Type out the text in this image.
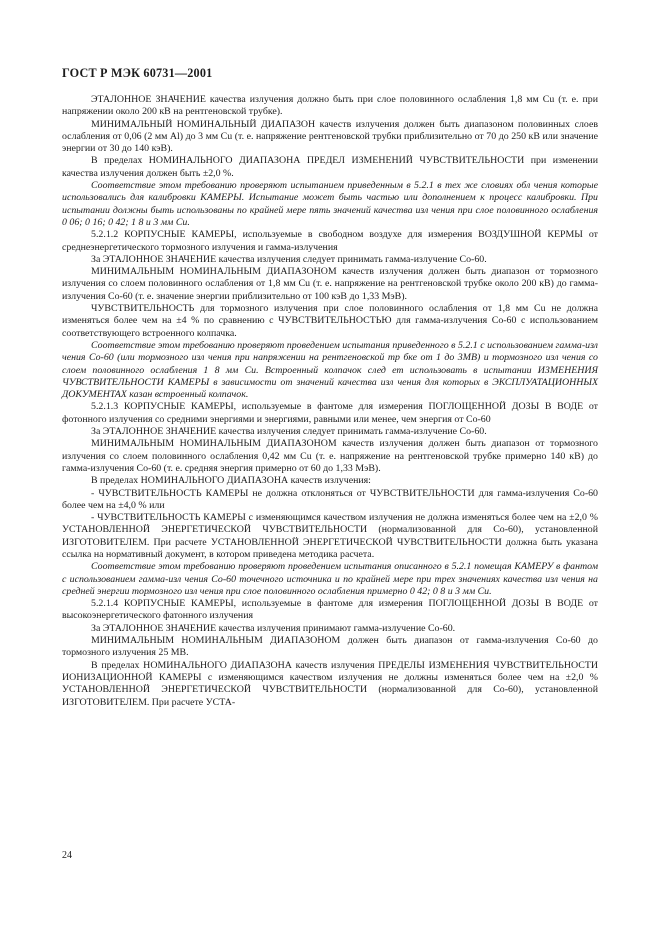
ГОСТ Р МЭК 60731—2001

ЭТАЛОННОЕ ЗНАЧЕНИЕ качества излучения должно быть при слое половинного ослабления 1,8 мм Cu (т. е. при напряжении около 200 кВ на рентгеновской трубке).

МИНИМАЛЬНЫЙ НОМИНАЛЬНЫЙ ДИАПАЗОН качеств излучения должен быть диапазоном половинных слоев ослабления от 0,06 (2 мм Al) до 3 мм Cu (т. е. напряжение рентгеновской трубки приблизительно от 70 до 250 кВ или значение энергии от 30 до 140 кэВ).

В пределах НОМИНАЛЬНОГО ДИАПАЗОНА ПРЕДЕЛ ИЗМЕНЕНИЙ ЧУВСТВИТЕЛЬНОСТИ при изменении качества излучения должен быть ±2,0 %.

Соответствие этом требованию проверяют испытанием приведенным в 5.2.1 в тех же словиях обл чения которые использовались для калибровки КАМЕРЫ. Испытание может быть частью или дополнением к процесс калибровки. При испытании должны быть использованы по крайней мере пять значений качества изл чения при слое половинного ослабления 0 06; 0 16; 0 42; 1 8 и 3 мм Cu.

5.2.1.2 КОРПУСНЫЕ КАМЕРЫ, используемые в свободном воздухе для измерения ВОЗДУШНОЙ КЕРМЫ от среднеэнергетического тормозного излучения и гамма-излучения

За ЭТАЛОННОЕ ЗНАЧЕНИЕ качества излучения следует принимать гамма-излучение Со-60.

МИНИМАЛЬНЫМ НОМИНАЛЬНЫМ ДИАПАЗОНОМ качеств излучения должен быть диапазон от тормозного излучения со слоем половинного ослабления от 1,8 мм Cu (т. е. напряжение на рентгеновской трубке около 200 кВ) до гамма-излучения Со-60 (т. е. значение энергии приблизительно от 100 кэВ до 1,33 МэВ).

ЧУВСТВИТЕЛЬНОСТЬ для тормозного излучения при слое половинного ослабления от 1,8 мм Cu не должна изменяться более чем на ±4 % по сравнению с ЧУВСТВИТЕЛЬНОСТЬЮ для гамма-излучения Со-60 с использованием соответствующего встроенного колпачка.

Соответствие этом требованию проверяют проведением испытания приведенного в 5.2.1 с использованием гамма-изл чения Со-60 (или тормозного изл чения при напряжении на рентгеновской тр бке от 1 до 3МВ) и тормозного изл чения со слоем половинного ослабления 1 8 мм Cu. Встроенный колпачок след ет использовать в испытании ИЗМЕНЕНИЯ ЧУВСТВИТЕЛЬНОСТИ КАМЕРЫ в зависимости от значений качества изл чения для которых в ЭКСПЛУАТАЦИОННЫХ ДОКУМЕНТАХ казан встроенный колпачок.

5.2.1.3 КОРПУСНЫЕ КАМЕРЫ, используемые в фантоме для измерения ПОГЛОЩЕННОЙ ДОЗЫ В ВОДЕ от фотонного излучения со средними энергиями и энергиями, равными или менее, чем энергия от Со-60

За ЭТАЛОННОЕ ЗНАЧЕНИЕ качества излучения следует принимать гамма-излучение Со-60.

МИНИМАЛЬНЫМ НОМИНАЛЬНЫМ ДИАПАЗОНОМ качеств излучения должен быть диапазон от тормозного излучения со слоем половинного ослабления 0,42 мм Cu (т. е. напряжение на рентгеновской трубке примерно 140 кВ) до гамма-излучения Со-60 (т. е. средняя энергия примерно от 60 до 1,33 МэВ).

В пределах НОМИНАЛЬНОГО ДИАПАЗОНА качеств излучения:

- ЧУВСТВИТЕЛЬНОСТЬ КАМЕРЫ не должна отклоняться от ЧУВСТВИТЕЛЬНОСТИ для гамма-излучения Со-60 более чем на ±4,0 % или

- ЧУВСТВИТЕЛЬНОСТЬ КАМЕРЫ с изменяющимся качеством излучения не должна изменяться более чем на ±2,0 % УСТАНОВЛЕННОЙ ЭНЕРГЕТИЧЕСКОЙ ЧУВСТВИТЕЛЬНОСТИ (нормализованной для Со-60), установленной ИЗГОТОВИТЕЛЕМ. При расчете УСТАНОВЛЕННОЙ ЭНЕРГЕТИЧЕСКОЙ ЧУВСТВИТЕЛЬНОСТИ должна быть указана ссылка на нормативный документ, в котором приведена методика расчета.

Соответствие этом требованию проверяют проведением испытания описанного в 5.2.1 помещая КАМЕРУ в фантом с использованием гамма-изл чения Со-60 точечного источника и по крайней мере при трех значениях качества изл чения на средней энергии тормозного изл чения при слое половинного ослабления примерно 0 42; 0 8 и 3 мм Cu.

5.2.1.4 КОРПУСНЫЕ КАМЕРЫ, используемые в фантоме для измерения ПОГЛОЩЕННОЙ ДОЗЫ В ВОДЕ от высокоэнергетического фатонного излучения

За ЭТАЛОННОЕ ЗНАЧЕНИЕ качества излучения принимают гамма-излучение Со-60.

МИНИМАЛЬНЫМ НОМИНАЛЬНЫМ ДИАПАЗОНОМ должен быть диапазон от гамма-излучения Со-60 до тормозного излучения 25 МВ.

В пределах НОМИНАЛЬНОГО ДИАПАЗОНА качеств излучения ПРЕДЕЛЫ ИЗМЕНЕНИЯ ЧУВСТВИТЕЛЬНОСТИ ИОНИЗАЦИОННОЙ КАМЕРЫ с изменяющимся качеством излучения не должны изменяться более чем на ±2,0 % УСТАНОВЛЕННОЙ ЭНЕРГЕТИЧЕСКОЙ ЧУВСТВИТЕЛЬНОСТИ (нормализованной для Со-60), установленной ИЗГОТОВИТЕЛЕМ. При расчете УСТА-

24
